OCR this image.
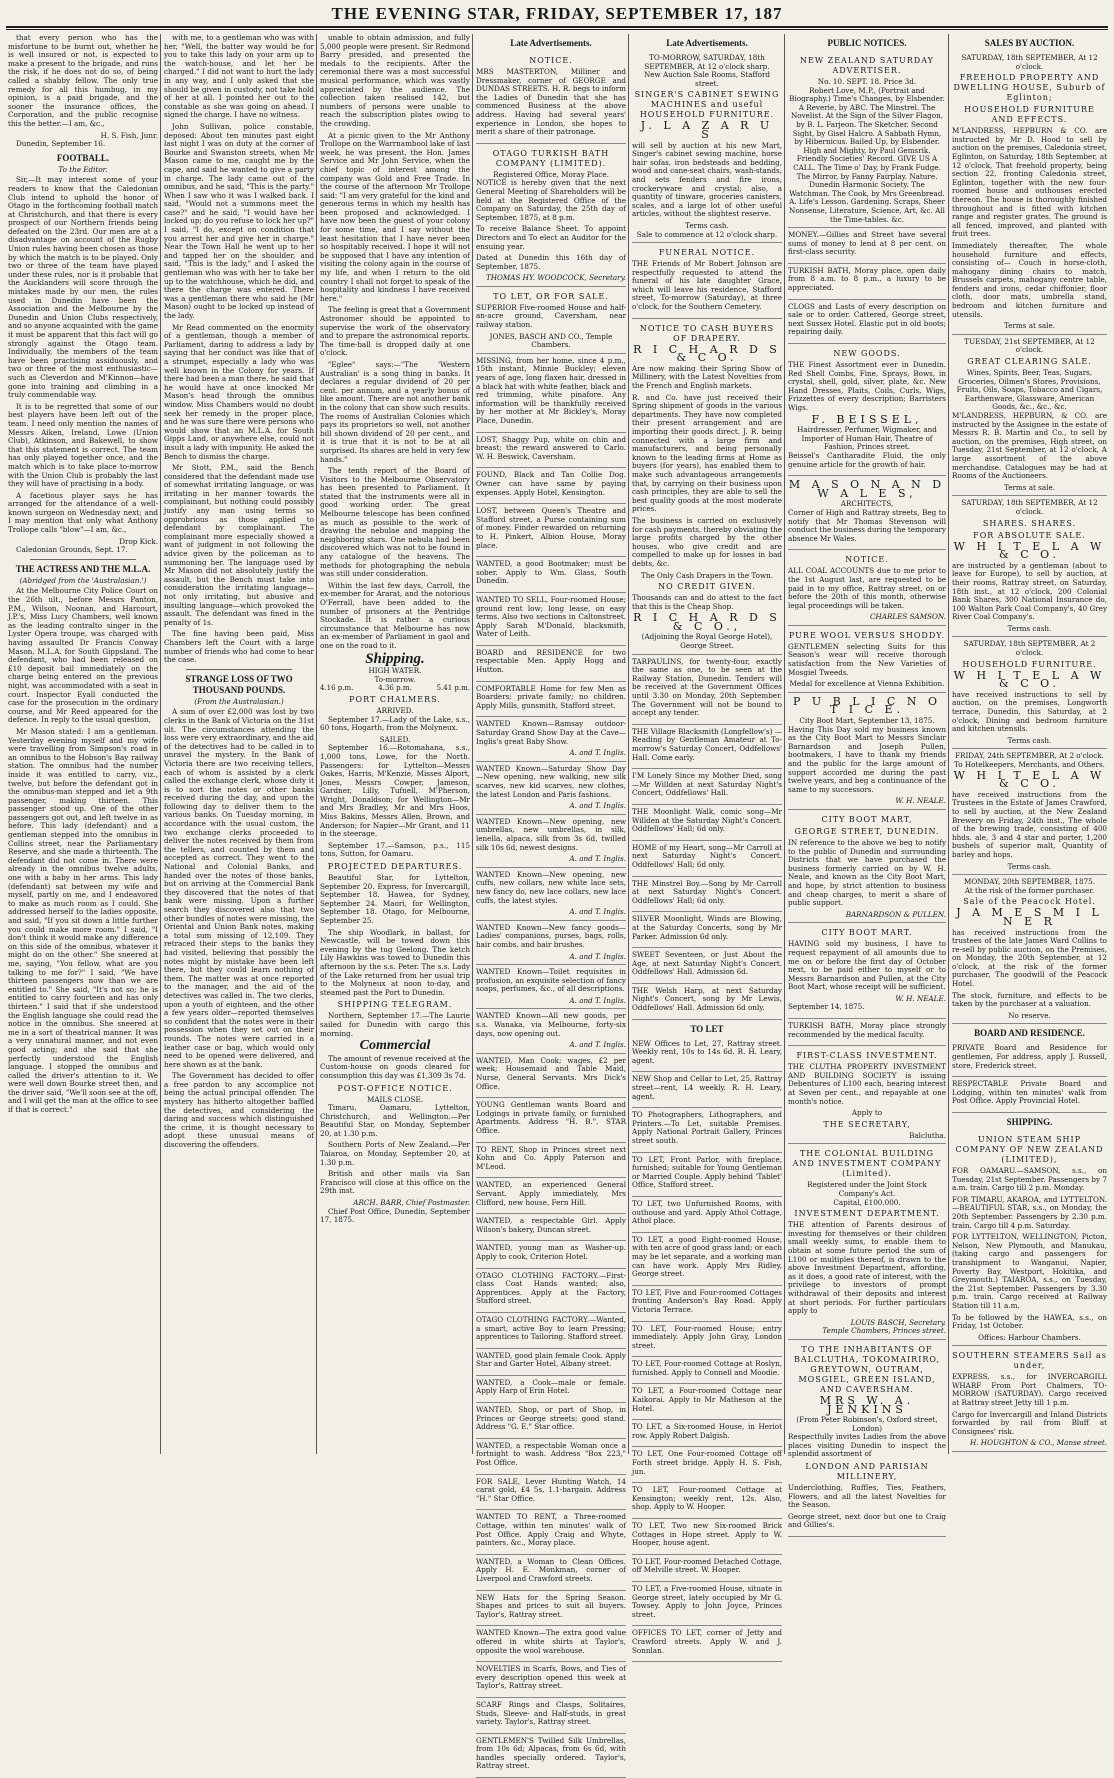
THE EVENING STAR, FRIDAY, SEPTEMBER 17, 187
that every person who has the misfortune to be burnt out, whether he is well insured or not, is expected to make a present to the brigade, and runs the risk, if he does not do so, of being called a shabby fellow. The only true remedy for all this humbug, in my opinion, is a paid brigade, and the sooner the insurance offices, the Corporation, and the public recognise this the better.—I am, &c.,
H. S. Fish, Junr.
Dunedin, September 16.
FOOTBALL.
To the Editor.
Sir,—It may interest some of your readers to know that the Caledonian Club intend to uphold the honor of Otago in the forthcoming football match at Christchurch, and that there is every prospect of our Northern friends being defeated on the 23rd. Our men are at a disadvantage on account of the Rugby Union rules having been chosen as those by which the match is to be played. Only two or three of the team have played under these rules, nor is it probable that the Aucklanders will score through the mistakes made by our men, the rules used in Dunedin have been the Association and the Melbourne by the Dunedin and Union Clubs respectively, and so anyone acquainted with the game it must be apparent that this fact will go strongly against the Otago team. Individually, the members of the team have been practising assiduously, and two or three of the most enthusiastic—such as Cleverdon and M'Kinnon—have gone into training and climbing in a truly commendable way.
It is to be regretted that some of our best players have been left out of the team. I need only mention the names of Messrs Aiken, Ireland, Lowe (Union Club), Atkinson, and Bakewell, to show that this statement is correct. The team has only played together once, and the match which is to take place to-morrow with the Union Club is probably the last they will have of practising in a body.
A facetious player says he has arranged for the attendance of a well-known surgeon on Wednesday next; and I may mention that only what Anthony Trollope calls "blow"—I am, &c.,
Drop Kick.
Caledonian Grounds, Sept. 17.
THE ACTRESS AND THE M.L.A.
(Abridged from the 'Australasian.')
At the Melbourne City Police Court on the 26th ult., before Messrs Panton, P.M., Wilson, Noonan, and Harcourt, J.P.'s, Miss Lucy Chambers, well known as the leading contralto singer in the Lyster Opera troupe, was charged with having assaulted Dr Francis Conway Mason, M.L.A. for South Gippsland. The defendant, who had been released on £10 deposit bail immediately on the charge being entered on the previous night, was accommodated with a seat in court. Inspector Eyall conducted the case for the prosecution in the ordinary course, and Mr Reed appeared for the defence. In reply to the usual question,
Mr Mason stated: I am a gentleman. Yesterday evening myself and my wife were travelling from Simpson's road in an omnibus to the Hobson's Bay railway station. The omnibus had the number inside it was entitled to carry, viz., twelve, but before the defendant got in the omnibus-man stepped and let a 9th passenger, making thirteen. This passenger stood up. One of the other passengers got out, and left twelve in as before. This lady (defendant) and a gentleman stepped into the omnibus in Collins street, near the Parliamentary Reserve, and she made a thirteenth. The defendant did not come in. There were already in the omnibus twelve adults, one with a baby in her arms. This lady (defendant) sat between my wife and myself, partly on me, and I endeavored to make as much room as I could. She addressed herself to the ladies opposite, and said, "If you sit down a little further you could make more room." I said, "I don't think it would make any difference on this side of the omnibus, whatever it might do on the other." She sneered at me, saying, "You fellow, what are you talking to me for?" I said, "We have thirteen passengers now than we are entitled to." She said, "It's not so; he is entitled to carry fourteen and has only thirteen." I said that if she understood the English language she could read the notice in the omnibus. She sneered at me in a sort of theatrical manner. It was a very unnatural manner, and not even good acting; and she said that she perfectly understood the English language. I stopped the omnibus and called the driver's attention to it. We were well down Bourke street then, and the driver said, "We'll soon see at the off, and I will get the man at the office to see if that is correct."
with me, to a gentleman who was with her, "Well, the batter way would be for you to take this lady on your arm up to the watch-house, and let her be charged." I did not want to hurt the lady in any way, and I only asked that she should be given in custody, not take hold of her at all. I pointed her out to the constable as she was going on ahead. I signed the charge. I have no witness.
John Sullivan, police constable, deposed: About ten minutes past eight last night I was on duty at the corner of Bourke and Swanston streets, when Mr Mason came to me, caught me by the cape, and said he wanted to give a party in charge. The lady came out of the omnibus, and he said, "This is the party." When I saw who it was I walked back. I said, "Would not a summons meet the case?" and he said, "I would have her locked up; do you refuse to lock her up?" I said, "I do, except on condition that you arrest her and give her in charge." Near the Town Hall he went up to her and tapped her on the shoulder, and said, "This is the lady," and I asked the gentleman who was with her to take her up to the watchhouse, which he did, and there the charge was entered. There was a gentleman there who said he (Mr Mason) ought to be locked up instead of the lady.
Mr Read commented on the enormity of a gentleman, though a member of Parliament, daring to address a lady by saying that her conduct was like that of a strumpet, especially a lady who was well known in the Colony for years. If there had been a man there, he said that he would have at once knocked Mr Mason's head through the omnibus window. Miss Chambers would no doubt seek her remedy in the proper place, and he was sure there were persons who would show that an M.L.A. for South Gipps Land, or anywhere else, could not insult a lady with impunity. He asked the Bench to dismiss the charge.
Mr Stott, P.M., said the Bench considered that the defendant made use of somewhat irritating language, or was irritating in her manner towards the complainant, but nothing could possibly justify any man using terms so opprobrious as those applied to defendant by complainant. The complainant more especially showed a want of judgment in not following the advice given by the policeman as to summoning her. The language used by Mr Mason did not absolutely justify the assault, but the Bench must take into consideration the irritating language—not only irritating, but abusive and insulting language—which provoked the assault. The defendant was fined in the penalty of 1s.
The fine having been paid, Miss Chambers left the Court with a large number of friends who had come to hear the case.
STRANGE LOSS OF TWO THOUSAND POUNDS.
(From the Australasian.)
A sum of over £2,000 was lost by two clerks in the Bank of Victoria on the 31st ult. The circumstances attending the loss were very extraordinary, and the aid of the detectives had to be called in to unravel the mystery. In the Bank of Victoria there are two receiving tellers, each of whom is assisted by a clerk called the exchange clerk, whose duty it is to sort the notes or other banks received during the day, and upon the following day to deliver them to the various banks. On Tuesday morning, in accordance with the usual custom, the two exchange clerks proceeded to deliver the notes received by them from the tellers, and counted by them and accepted as correct. They went to the National and Colonial Banks, and handed over the notes of those banks, but on arriving at the Commercial Bank they discovered that the notes of that bank were missing. Upon a further search they discovered also that two other bundles of notes were missing, the Oriental and Union Bank notes, making a total sum missing of 12,109. They retraced their steps to the banks they had visited, believing that possibly the notes might by mistake have been left there, but they could learn nothing of them. The matter was at once reported to the manager, and the aid of the detectives was called in. The two clerks, upon a youth of eighteen, and the other a few years older—reported themselves so confident that the notes were in their possession when they set out on their rounds. The notes were carried in a leather case or bag, which would only need to be opened were delivered, and here shown as at the bank.
The Government has decided to offer a free pardon to any accomplice not being the actual principal offender. The mystery has hitherto altogether baffled the detectives, and considering the daring and success which distinguished the crime, it is thought necessary to adopt these unusual means of discovering the offenders.
unable to obtain admission, and fully 5,000 people were present. Sir Redmond Barry presided, and presented the medals to the recipients. After the ceremonial there was a most successful musical performance, which was vastly appreciated by the audience. The collection taken realised 142, but numbers of persons were unable to reach the subscription plates owing to the crowding.
At a picnic given to the Mr Anthony Trollope on the Warrnambool lake of last week, he was present, the Hon. James Service and Mr John Service, when the chief topic of interest among the company was Gold and Free Trade. In the course of the afternoon Mr Trollope said: "I am very grateful for the kind and generous terms in which my health has been proposed and acknowledged. I have now been the guest of your colony for some time, and I say without the least hesitation that I have never been so hospitably received. I hope it will not be supposed that I have any intention of visiting the colony again in the course of my life, and when I return to the old country I shall not forget to speak of the hospitality and kindness I have received here."
The feeling is great that a Government Astronomer should be appointed to supervise the work of the observatory and to prepare the astronomical reports. The time-ball is dropped daily at one o'clock.
"Eglee" says:—"The 'Western Australian' is a song thing in banks. It declares a regular dividend of 20 per cent. per annum, and a yearly bonus of like amount. There are not another bank in the colony that can show such results. The rooms of Australian Colonies which pays its proprietors so well, not another bill shown dividend of 20 per cent., and it is true that it is not to be at all surprised. Its shares are held in very few hands."
The tenth report of the Board of Visitors to the Melbourne Observatory has been presented to Parliament. It stated that the instruments were all in good working order. The great Melbourne telescope has been confined as much as possible to the work of drawing the nebulae and mapping the neighboring stars. One nebula had been discovered which was not to be found in any catalogue of the heavens. The methods for photographing the nebula was still under consideration.
Within the last few days, Carroll, the ex-member for Ararat, and the notorious O'Ferrall, have been added to the number of prisoners at the Pentridge Stockade. It is rather a curious circumstance that Melbourne has now an ex-member of Parliament in gaol and one on the road to it.
Shipping.
HIGH WATER.
To-morrow.
4.16 p.m.	4.36 p.m.	5.41 p.m.
PORT CHALMERS.
ARRIVED.
September 17.—Lady of the Lake, s.s., 60 tons, Hogarth, from the Molyneux.
SAILED.
September 16.—Rotomahana, s.s., 1,000 tons, Lowe, for the North. Passengers: for Lyttelton—Messrs Oakes, Harris, M'Kenzie, Misses Alport, Jones, Messrs Cowper, Jameson, Gardner, Lilly, Tufnell, M'Pherson, Wright, Donaldson; for Wellington—Mr and Mrs Bradley, Mr and Mrs Hoos, Miss Bakins, Messrs Allen, Brown, and Anderson; for Napier—Mr Grant, and 11 in the steerage.
September 17.—Samson, p.s., 115 tons, Sutton, for Oamaru.
PROJECTED DEPARTURES.
Beautiful Star, for Lyttelton, September 20. Express, for Invercargill, September 18. Hawea, for Sydney, September 24. Maori, for Wellington, September 18. Otago, for Melbourne, September 25.
The ship Woodlark, in ballast, for Newcastle, will be towed down this evening by the tug Geelong. The ketch Lily Hawkins was towed to Dunedin this afternoon by the s.s. Peter. The s.s. Lady of the Lake returned from her usual trip to the Molyneux at noon to-day, and steamed past the Port to Dunedin.
SHIPPING TELEGRAM.
Northern, September 17.—The Laurie sailed for Dunedin with cargo this morning.
Commercial
The amount of revenue received at the Custom-house on goods cleared for consumption this day was £1,309 3s 7d.
POST-OFFICE NOTICE.
MAILS CLOSE.
Timaru, Oamaru, Lyttelton, Christchurch, and Wellington.—Per Beautiful Star, on Monday, September 20, at 1.30 p.m.
Southern Ports of New Zealand.—Per Taiaroa, on Monday, September 20, at 1.30 p.m.
British and other mails via San Francisco will close at this office on the 29th inst.
ARCH. BARR, Chief Postmaster.
Chief Post Office, Dunedin, September 17, 1875.
Late Advertisements.
NOTICE.
MRS MASTERTON, Milliner and Dressmaker, corner of GEORGE and DUNDAS STREETS. H. R. begs to inform the Ladies of Dunedin that she has commenced Business at the above address. Having had several years' experience in London, she hopes to merit a share of their patronage.
OTAGO TURKISH BATH COMPANY (LIMITED).
Registered Office, Moray Place.
NOTICE is hereby given that the next General Meeting of Shareholders will be held at the Registered Office of the Company on Saturday, the 25th day of September, 1875, at 8 p.m.
To receive Balance Sheet. To appoint Directors and To elect an Auditor for the ensuing year.
Dated at Dunedin this 16th day of September, 1875.
THOMAS HY. WOODCOCK, Secretary.
TO LET, OR FOR SALE.
SUPERIOR Five-roomed House and half-an-acre ground, Caversham, near railway station.
JONES, BASCH AND CO., Temple Chambers.
MISSING, from her home, since 4 p.m., 15th instant, Minnie Buckley; eleven years of age, long flaxen hair, dressed in a black hat with white feather, black and red trimming, white pinafore. Any information will be thankfully received by her mother at Mr Bickley's, Moray Place, Dunedin.
LOST, Shaggy Pup, white on chin and breast; the reward answered to Carlo. W. H. Beswick, Caversham.
FOUND, Black and Tan Collie Dog. Owner can have same by paying expenses. Apply Hotel, Kensington.
LOST, between Queen's Theatre and Stafford street, a Purse containing sum of money. Finder rewarded on returning to H. Pinkert, Albion House, Moray place.
WANTED, a good Bootmaker; must be sober. Apply to Wm. Glass, South Dunedin.
WANTED TO SELL, Four-roomed House; ground rent low; long lease, on easy terms. Also two sections in Caltonstreet. Apply Sarah M'Donald, blacksmith, Water of Leith.
BOARD and RESIDENCE for two respectable Men. Apply Hogg and Hutton.
COMFORTABLE Home for few Men as Boarders; private family; no children. Apply Mills, gunsmith, Stafford street.
WANTED Known—Ramsay outdoor-Saturday Grand Show Day at the Cave—Inglis's great Baby Show.
A. and T. Inglis.
WANTED Known—Saturday Show Day —New opening, new walking, new silk scarves, new kid scarves, new clothes, the latest London and Paris fashions.
A. and T. Inglis.
WANTED Known—New opening, new umbrellas, new umbrellas, in silk, lenella, alpaca, silk from 3s 6d, twilled silk 10s 6d, newest designs.
A. and T. Inglis.
WANTED Known—New opening, new cuffs, new collars, new white lace sets, new fancy do, new lace collars, new lace cuffs, the latest styles.
A. and T. Inglis.
WANTED Known—New fancy goods—Ladies' companions, purses, bags, rolls, hair combs, and hair brushes.
A. and T. Inglis.
WANTED Known—Toilet requisites in profusion, an exquisite selection of fancy soaps, perfumes, &c., of all descriptions.
A. and T. Inglis.
WANTED Known—All new goods, per s.s. Wanaka, via Melbourne, forty-six days, now opening out.
A. and T. Inglis.
WANTED, Man Cook; wages, £2 per week; Housemaid and Table Maid, Nurse, General Servants. Mrs Dick's Office.
YOUNG Gentleman wants Board and Lodgings in private family, or furnished Apartments. Address "H. B.", STAR Office.
TO RENT, Shop in Princes street next Kohn and Co. Apply Paterson and M'Leod.
WANTED, an experienced General Servant. Apply immediately, Mrs Clifford, new house, Fern Hill.
WANTED, a respectable Girl. Apply Wilson's bakery, Duncan street.
WANTED, young man as Washer-up. Apply to cook, Criterion Hotel.
OTAGO CLOTHING FACTORY.—First-class Coat Hands wanted; also, Apprentices. Apply at the Factory, Stafford street.
OTAGO CLOTHING FACTORY.—Wanted, a smart, active Boy to learn Pressing; apprentices to Tailoring. Stafford street.
WANTED, good plain female Cook. Apply Star and Garter Hotel, Albany street.
WANTED, a Cook—male or female. Apply Harp of Erin Hotel.
WANTED, Shop, or part of Shop, in Princes or George streets; good stand. Address "G. E." Star office.
WANTED, a respectable Woman once a fortnight to wash. Address "Box 223," Post Office.
FOR SALE, Lever Hunting Watch, 14 carat gold, £4 5s, 1.1-bargain. Address "H." Star Office.
WANTED TO RENT, a Three-roomed Cottage, within ten minutes' walk of Post Office. Apply Craig and Whyte, painters, &c., Moray place.
WANTED, a Woman to Clean Offices. Apply H. E. Monkman, corner of Liverpool and Crawford streets.
NEW Hats for the Spring Season. Shapes and prices to suit all buyers. Taylor's, Rattray street.
WANTED Known—The extra good value offered in white shirts at Taylor's, opposite the wool warehouse.
NOVELTIES in Scarfs, Bows, and Ties of every description opened this week at Taylor's, Rattray street.
SCARF Rings and Clasps, Solitaires, Studs, Sleeve- and Half-studs, in great variety. Taylor's, Rattray street.
GENTLEMEN'S Twilled Silk Umbrellas, from 10s 6d; Alpacas, from 6s 6d, with handles specially ordered. Taylor's, Rattray street.
Late Advertisements.
TO-MORROW, SATURDAY, 18th SEPTEMBER, At 12 o'clock sharp.
New Auction Sale Rooms, Stafford street.
SINGER'S CABINET SEWING MACHINES and useful HOUSEHOLD FURNITURE.
J. L A Z A R U S
will sell by auction at his new Mart, Singer's cabinet sewing machine, horse hair sofas, iron bedsteads and bedding, wood and cane-seat chairs, wash-stands, and sets fenders and fire irons, crockeryware and crystal; also, a quantity of tinware, groceries canisters, scales, and a large lot of other useful articles, without the slightest reserve.
Terms cash.
Sale to commence at 12 o'clock sharp.
FUNERAL NOTICE.
THE Friends of Mr Robert Johnson are respectfully requested to attend the funeral of his late daughter Grace, which will leave his residence, Stafford street, To-morrow (Saturday), at three o'clock, for the Southern Cemetery.
NOTICE TO CASH BUYERS OF DRAPERY.
R I C H A R D S & C O.
Are now making their Spring Show of Millinery, with the Latest Novelties from the French and English markets.
R. and Co. have just received their Spring shipment of goods in the various departments. They have now completed their present arrangement and are importing their goods direct. J. R. being connected with a large firm and manufacturers, and being personally known to the leading firms at Home as buyers (for years), has enabled them to make such advantageous arrangements that, by carrying on their business upon cash principles, they are able to sell the best quality goods at the most moderate prices.
The business is carried on exclusively for cash payments, thereby obviating the large profits charged by the other houses, who give credit and are compelled to make up for losses in bad debts, &c.
The Only Cash Drapers in the Town.
NO CREDIT GIVEN.
Thousands can and do attest to the fact that this is the Cheap Shop.
R I C H A R D S & C O.,
(Adjoining the Royal George Hotel),
George Street.
TARPAULINS, for twenty-four, exactly the same as one, to be seen at the Railway Station, Dunedin. Tenders will be received at the Government Offices until 3.30 on Monday, 20th September. The Government will not be bound to accept any tender.
THE Village Blacksmith (Longfellow's) —Reading by Gentleman Amateur at To-morrow's Saturday Concert, Oddfellows' Hall. Come early.
I'M Lonely Since my Mother Died, song—Mr Willden at next Saturday Night's Concert, Oddfellows' Hall.
THE Moonlight Walk, comic song—Mr Willden at the Saturday Night's Concert. Oddfellows' Hall; 6d only.
HOME of my Heart, song—Mr Carroll at next Saturday Night's Concert. Oddfellows' Hall; 6d only.
THE Minstrel Boy.—Song by Mr Carroll at next Saturday Night's Concert. Oddfellows' Hall; 6d only.
SILVER Moonlight, Winds are Blowing, at the Saturday Concerts, song by Mr Parker. Admission 6d only.
SWEET Seventeen, or Just About the Age, at next Saturday Night's Concert. Oddfellows' Hall. Admission 6d.
THE Welsh Harp, at next Saturday Night's Concert, song by Mr Lewis, Oddfellows' Hall. Admission 6d only.
TO LET
NEW Offices to Let, 27, Rattray street. Weekly rent, 10s to 14s 6d. R. H. Leary, agent.
NEW Shop and Cellar to Let, 25, Rattray street—rent, L4 weekly. R. H. Leary, agent.
TO Photographers, Lithographers, and Printers.—To Let, suitable Premises. Apply National Portrait Gallery, Princes street south.
TO LET, Front Parlor, with fireplace, furnished; suitable for Young Gentleman or Married Couple. Apply behind 'Tablet' Office, Stafford street.
TO LET, two Unfurnished Rooms, with outhouse and yard. Apply Athol Cottage, Athol place.
TO LET, a good Eight-roomed House, with ten acre of good grass land; or each may be let separate, and a working man can have work. Apply Mrs Ridley, George street.
TO LET, Five and Four-roomed Cottages fronting Anderson's Bay Road. Apply Victoria Terrace.
TO LET, Four-roomed House; entry immediately. Apply John Gray, London street.
TO LET, Four-roomed Cottage at Roslyn, furnished. Apply to Connell and Moodie.
TO LET, a Four-roomed Cottage near Kaikorai. Apply to Mr Matheson at the Hotel.
TO LET, a Six-roomed House, in Heriot row. Apply Robert Dalgish.
TO LET, One Four-roomed Cottage off Forth street bridge. Apply H. S. Fish, jun.
TO LET, Four-roomed Cottage at Kensington; weekly rent, 12s. Also, shop. Apply to W. Hooper.
TO LET, Two new Six-roomed Brick Cottages in Hope street. Apply to W. Hooper, house agent.
TO LET, Four-roomed Detached Cottage, off Melville street. W. Hooper.
TO LET, a Five-roomed House, situate in George street, lately occupied by Mr G. Towsey. Apply to John Joyce, Princes street.
OFFICES TO LET, corner of Jetty and Crawford streets. Apply W. and J. Sonnlan.
PUBLIC NOTICES.
NEW ZEALAND SATURDAY ADVERTISER.
No. 10. SEPT. 18. Price 3d.
Robert Love, M.P., (Portrait and Biography.) Time's Changes, by Elsbender. A Reverie, by ABC. The Minstrel. The Novelist. At the Sign of the Silver Flagon, by B. L. Farjeon. The Sketcher. Second Sight, by Gisel Halcro. A Sabbath Hymn, by Hibernicus. Bailed Up, by Elsbender. High and Mighty, by Paul Gemsrik. Friendly Societies' Record. GIVE US A CALL. The Time o' Day, by Frank Fudge. The Mirror, by Fanny Fairplay. Nature. Dunedin Harmonic Society. The Watchman. The Cook, by Mrs Greenbread. A. Life's Lesson. Gardening. Scraps, Sheer Nonsense, Literature, Science, Art, &c. All the Time-tables. &c.
MONEY.—Gillies and Street have several sums of money to lend at 8 per cent. on first-class security.
TURKISH BATH, Moray place, open daily from 8 a.m. to 8 p.m., a luxury to be appreciated.
CLOGS and Lasts of every description on sale or to order. Cattered, George street, next Sussex Hotel. Elastic put in old boots; repairing daily.
NEW GOODS.
THE Finest Assortment ever in Dunedin. Red Shell Combs, Fine, Sprays, Bows, in crystal, shell, gold, silver, plate, &c. New Hand Dresses, Plaits, Coils, Curls, Wigs, Frizzettes of every description; Barristers Wigs.
F. BEISSEL,
Hairdresser, Perfumer, Wigmaker, and Importer of Human Hair, Theatre of Fashion, Princes street.
Beissel's Cantharadite Fluid, the only genuine article for the growth of hair.
M A S O N A N D W A L E S,
ARCHITECTS,
Corner of High and Rattray streets, Beg to notify that Mr Thomas Stevenson will conduct the business during the temporary absence Mr Wales.
NOTICE.
ALL COAL ACCOUNTS due to me prior to the 1st August last, are requested to be paid in to my office, Rattray street, on or before the 20th of this month, otherwise legal proceedings will be taken.
CHARLES SAMSON.
PURE WOOL VERSUS SHODDY.
GENTLEMEN selecting Suits for this Season's wear will receive thorough satisfaction from the New Varieties of Mosgiel Tweeds.
Medal for excellence at Vienna Exhibition.
P U B L I C N O T I C E.
City Boot Mart, September 13, 1875.
Having This Day sold my business known as the City Boot Mart to Messrs Sinclair Barnardson and Joseph Pullen, bootmakers, I have to thank my friends and the public for the large amount of support accorded me during the past twelve years, and beg a continuance of the same to my successors.
W. H. NEALE.
CITY BOOT MART,
GEORGE STREET, DUNEDIN.
IN reference to the above we beg to notify to the public of Dunedin and surrounding Districts that we have purchased the business formerly carried on by W. H. Neale, and known as the City Boot Mart, and hope, by strict attention to business and cheap charges, to merit a share of public support.
BARNARDSON & PULLEN.
CITY BOOT MART.
HAVING sold my business, I have to request repayment of all amounts due to me on or before the first day of October next, to be paid either to myself or to Messrs Barnardson and Pullen, at the City Boot Mart, whose receipt will be sufficient.
W. H. NEALE.
September 14, 1875.
TURKISH BATH, Moray place strongly recommended by the medical faculty.
FIRST-CLASS INVESTMENT.
THE CLUTHA PROPERTY INVESTMENT AND BUILDING SOCIETY is issuing Debentures of L100 each, bearing interest at Seven per cent., and repayable at one month's notice.
Apply to
THE SECRETARY,
Balclutha.
THE COLONIAL BUILDING AND INVESTMENT COMPANY (Limited).
Registered under the Joint Stock Company's Act.
Capital, £100,000.
INVESTMENT DEPARTMENT.
THE attention of Parents desirous of investing for themselves or their children small weekly sums, to enable them to obtain at some future period the sum of L100 or multiples thereof, is drawn to the above Investment Department, affording, as it does, a good rate of interest, with the privilege to investors of prompt withdrawal of their deposits and interest at short periods. For further particulars apply to
LOUIS BASCH, Secretary.
Temple Chambers, Princes street.
TO THE INHABITANTS OF BALCLUTHA, TOKOMAIRIRO, GREYTOWN, OUTRAM, MOSGIEL, GREEN ISLAND, AND CAVERSHAM.
MRS W. A. JENKINS
(From Peter Robinson's, Oxford street, London)
Respectfully invites Ladies from the above places visiting Dunedin to inspect the splendid assortment of
LONDON AND PARISIAN MILLINERY,
Underclothing, Ruffles, Ties, Feathers, Flowers, and all the latest Novelties for the Season.
George street, next door but one to Craig and Gillies's.
SALES BY AUCTION.
SATURDAY, 18th SEPTEMBER, At 12 o'clock.
FREEHOLD PROPERTY AND DWELLING HOUSE, Suburb of Eglinton;
HOUSEHOLD FURNITURE AND EFFECTS.
M'LANDRESS, HEPBURN & CO. are instructed by Mr D. Hood to sell by auction on the premises, Caledonia street, Eglinton, on Saturday, 18th September, at 12 o'clock, That freehold property, being section 22, fronting Caledonia street, Eglinton, together with the new four-roomed house and outhouses erected thereon. The house is thoroughly finished throughout and is fitted with kitchen range and register grates. The ground is all fenced, improved, and planted with fruit trees.
Immediately thereafter, The whole household furniture and effects, consisting of— Couch in horse-cloth, mahogany dining chairs to match, Brussels carpets, mahogany centre table, fenders and irons, cedar chiffonier, floor cloth, door mats, umbrella stand, bedroom and kitchen furniture and utensils.
Terms at sale.
TUESDAY, 21st SEPTEMBER, At 12 o'clock.
GREAT CLEARING SALE.
Wines, Spirits, Beer, Teas, Sugars, Groceries, Oilmen's Stores, Provisions, Fruits, Oils, Soaps, Tobacco and Cigars, Earthenware, Glassware, American Goods, &c., &c., &c.
M'LANDRESS, HEPBURN, & CO. are instructed by the Assignee in the estate of Messrs R. B. Martin and Co., to sell by auction, on the premises, High street, on Tuesday, 21st September, at 12 o'clock, A large assortment of the above merchandise. Catalogues may be had at Rooms of the Auctioneers.
Terms at sale.
SATURDAY, 18th SEPTEMBER, At 12 o'clock.
SHARES. SHARES.
FOR ABSOLUTE SALE.
W H I T E L A W & C O.
are instructed by a gentleman (about to leave for Europe), to sell by auction, at their rooms, Rattray street, on Saturday, 18th inst., at 12 o'clock, 200 Colonial Bank Shares, 300 National Insurance do, 100 Walton Park Coal Company's, 40 Grey River Coal Company's.
Terms cash.
SATURDAY, 18th SEPTEMBER, At 2 o'clock.
HOUSEHOLD FURNITURE.
W H I T E L A W & C O.
have received instructions to sell by auction, on the premises, Longworth terrace, Dunedin, this Saturday, at 2 o'clock, Dining and bedroom furniture and kitchen utensils.
Terms cash.
FRIDAY, 24th SEPTEMBER, At 2 o'clock.
To Hotelkeepers, Merchants, and Others.
W H I T E L A W & C O.
have received instructions from the Trustees in the Estate of James Crawford, to sell by auction, at the New Zealand Brewery on Friday, 24th inst., The whole of the brewing trade, consisting of 400 hhds. ale, 3 and 4 star and porter, 1,200 bushels of superior malt, Quantity of barley and hops.
Terms cash.
MONDAY, 20th SEPTEMBER, 1875.
At the risk of the former purchaser.
Sale of the Peacock Hotel.
J A M E S M I L N E R
has received instructions from the trustees of the late James Ward Collins to re-sell by public auction, on the Premises, on Monday, the 20th September, at 12 o'clock, at the risk of the former purchaser, The goodwill of the Peacock Hotel.
The stock, furniture, and effects to be taken by the purchaser at a valuation.
No reserve.
BOARD AND RESIDENCE.
PRIVATE Board and Residence for gentlemen, For address, apply J. Russell, store, Frederick street.
RESPECTABLE Private Board and Lodging, within ten minutes' walk from Post Office. Apply Provincial Hotel.
SHIPPING.
UNION STEAM SHIP COMPANY OF NEW ZEALAND (LIMITED),
FOR OAMARU.—SAMSON, s.s., on Tuesday, 21st September. Passengers by 7 a.m. train. Cargo till 2 p.m. Monday.
FOR TIMARU, AKAROA, and LYTTELTON.—BEAUTIFUL STAR, s.s., on Monday, the 20th September. Passengers by 2.30 p.m. train. Cargo till 4 p.m. Saturday.
FOR LYTTELTON, WELLINGTON, Picton, Nelson, New Plymouth, and Manukau, (taking cargo and passengers for transhipment to Wanganui, Napier, Poverty Bay, Westport, Hokitika, and Greymouth.) TAIAROA, s.s., on Tuesday, the 21st September. Passengers by 3.30 p.m. train. Cargo received at Railway Station till 11 a.m.
To be followed by the HAWEA, s.s., on Friday, 1st October.
Offices: Harbour Chambers.
SOUTHERN STEAMERS Sail as under,
EXPRESS, s.s., for INVERCARGILL WHARF From Port Chalmers, TO-MORROW (SATURDAY). Cargo received at Rattray street Jetty till 1 p.m.
Cargo for Invercargill and Inland Districts forwarded by rail from Bluff at Consignees' risk.
H. HOUGHTON & CO., Manse street.
